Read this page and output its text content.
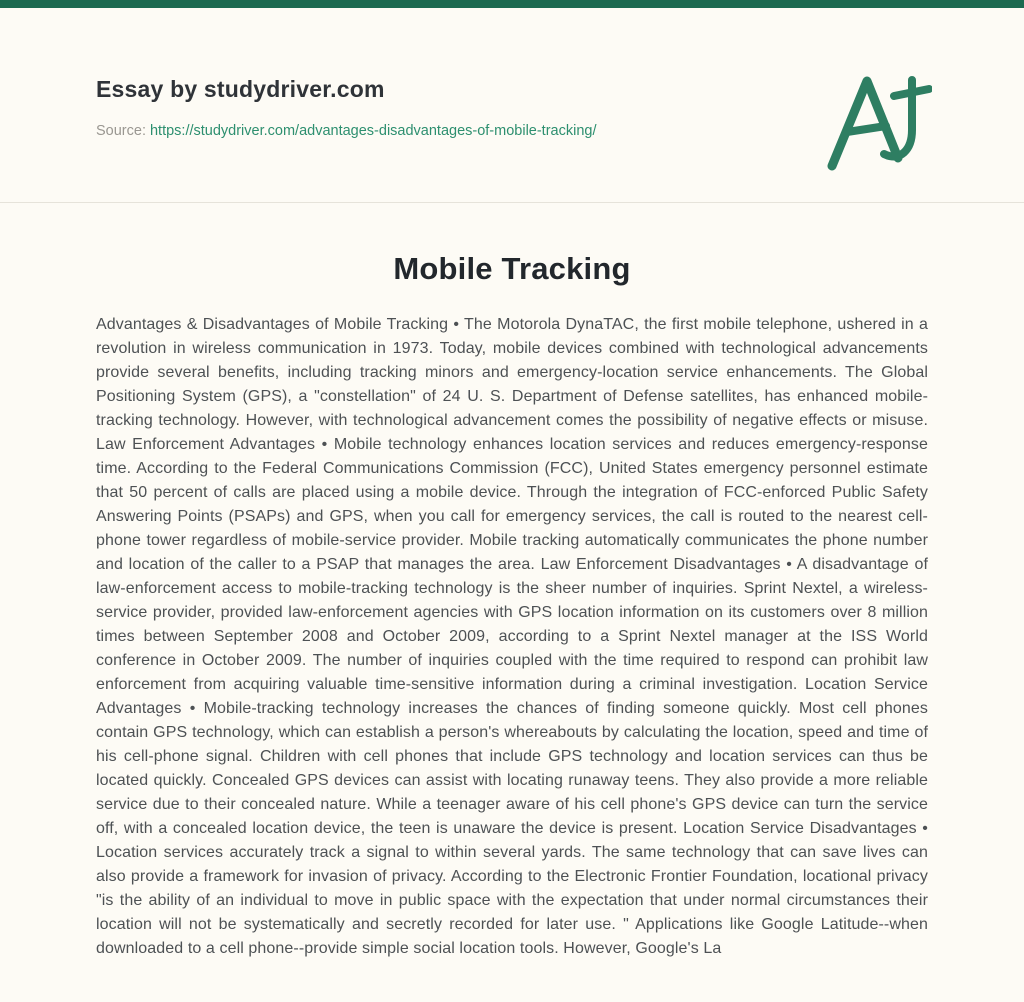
Essay by studydriver.com
Source: https://studydriver.com/advantages-disadvantages-of-mobile-tracking/
Mobile Tracking

Advantages & Disadvantages of Mobile Tracking • The Motorola DynaTAC, the first mobile telephone, ushered in a revolution in wireless communication in 1973. Today, mobile devices combined with technological advancements provide several benefits, including tracking minors and emergency-location service enhancements. The Global Positioning System (GPS), a "constellation" of 24 U. S. Department of Defense satellites, has enhanced mobile-tracking technology. However, with technological advancement comes the possibility of negative effects or misuse. Law Enforcement Advantages • Mobile technology enhances location services and reduces emergency-response time. According to the Federal Communications Commission (FCC), United States emergency personnel estimate that 50 percent of calls are placed using a mobile device. Through the integration of FCC-enforced Public Safety Answering Points (PSAPs) and GPS, when you call for emergency services, the call is routed to the nearest cell-phone tower regardless of mobile-service provider. Mobile tracking automatically communicates the phone number and location of the caller to a PSAP that manages the area. Law Enforcement Disadvantages • A disadvantage of law-enforcement access to mobile-tracking technology is the sheer number of inquiries. Sprint Nextel, a wireless-service provider, provided law-enforcement agencies with GPS location information on its customers over 8 million times between September 2008 and October 2009, according to a Sprint Nextel manager at the ISS World conference in October 2009. The number of inquiries coupled with the time required to respond can prohibit law enforcement from acquiring valuable time-sensitive information during a criminal investigation. Location Service Advantages • Mobile-tracking technology increases the chances of finding someone quickly. Most cell phones contain GPS technology, which can establish a person's whereabouts by calculating the location, speed and time of his cell-phone signal. Children with cell phones that include GPS technology and location services can thus be located quickly. Concealed GPS devices can assist with locating runaway teens. They also provide a more reliable service due to their concealed nature. While a teenager aware of his cell phone's GPS device can turn the service off, with a concealed location device, the teen is unaware the device is present. Location Service Disadvantages • Location services accurately track a signal to within several yards. The same technology that can save lives can also provide a framework for invasion of privacy. According to the Electronic Frontier Foundation, locational privacy "is the ability of an individual to move in public space with the expectation that under normal circumstances their location will not be systematically and secretly recorded for later use. " Applications like Google Latitude--when downloaded to a cell phone--provide simple social location tools. However, Google's La
